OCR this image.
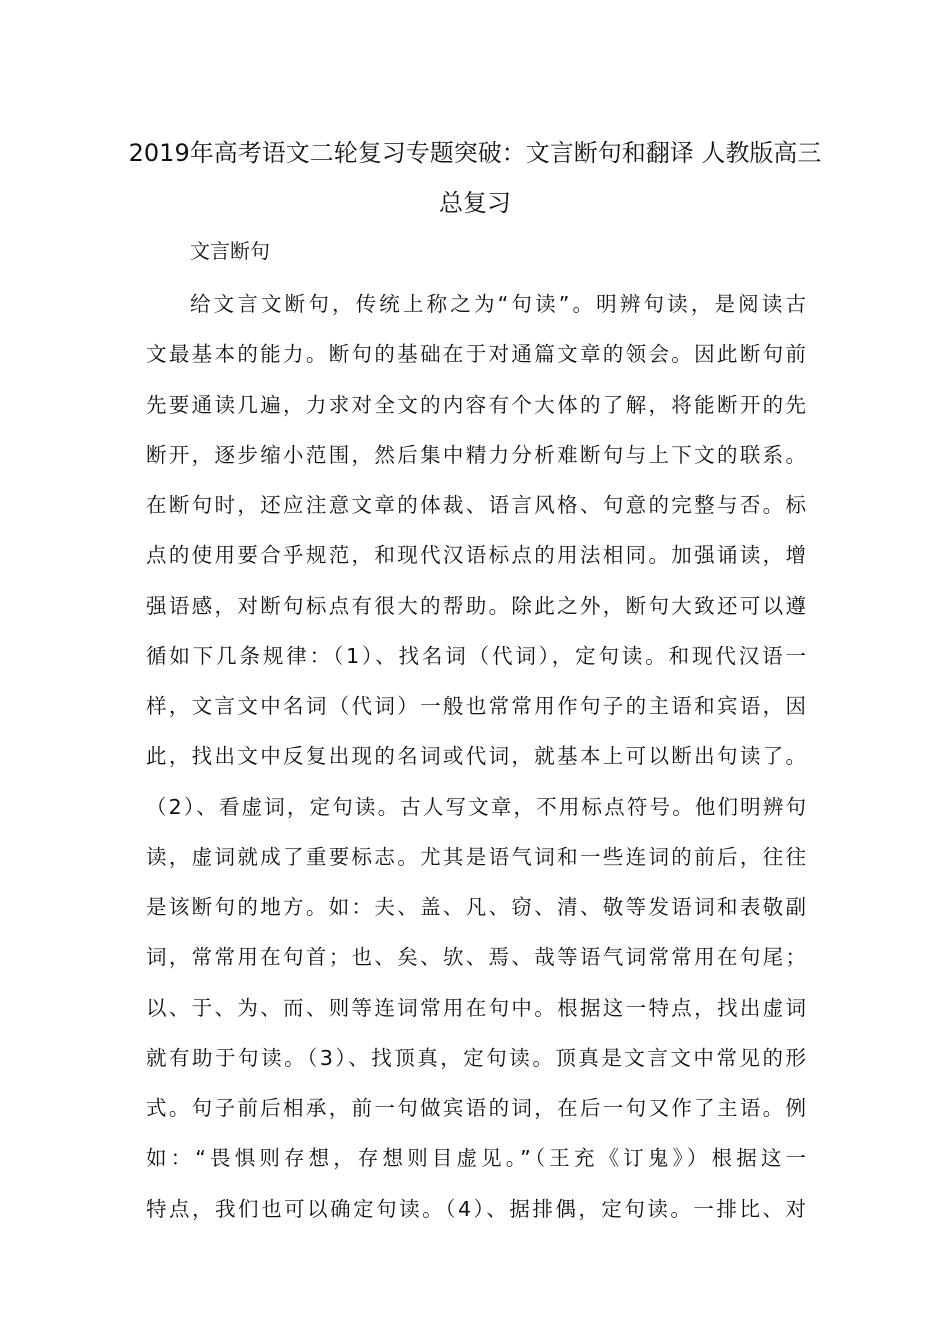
2019年高考语文二轮复习专题突破：文言断句和翻译 人教版高三
总复习
文言断句
给文言文断句，传统上称之为“句读”。明辨句读，是阅读古
文最基本的能力。断句的基础在于对通篇文章的领会。因此断句前
先要通读几遍，力求对全文的内容有个大体的了解，将能断开的先
断开，逐步缩小范围，然后集中精力分析难断句与上下文的联系。
在断句时，还应注意文章的体裁、语言风格、句意的完整与否。标
点的使用要合乎规范，和现代汉语标点的用法相同。加强诵读，增
强语感，对断句标点有很大的帮助。除此之外，断句大致还可以遵
循如下几条规律：（1）、找名词（代词），定句读。和现代汉语一
样，文言文中名词（代词）一般也常常用作句子的主语和宾语，因
此，找出文中反复出现的名词或代词，就基本上可以断出句读了。
（2）、看虚词，定句读。古人写文章，不用标点符号。他们明辨句
读，虚词就成了重要标志。尤其是语气词和一些连词的前后，往往
是该断句的地方。如：夫、盖、凡、窃、清、敬等发语词和表敬副
词，常常用在句首；也、矣、欤、焉、哉等语气词常常用在句尾；
以、于、为、而、则等连词常用在句中。根据这一特点，找出虚词
就有助于句读。（3）、找顶真，定句读。顶真是文言文中常见的形
式。句子前后相承，前一句做宾语的词，在后一句又作了主语。例
如：“畏惧则存想，存想则目虚见。”（王充《订鬼》）根据这一
特点，我们也可以确定句读。（4）、据排偶，定句读。一排比、对
